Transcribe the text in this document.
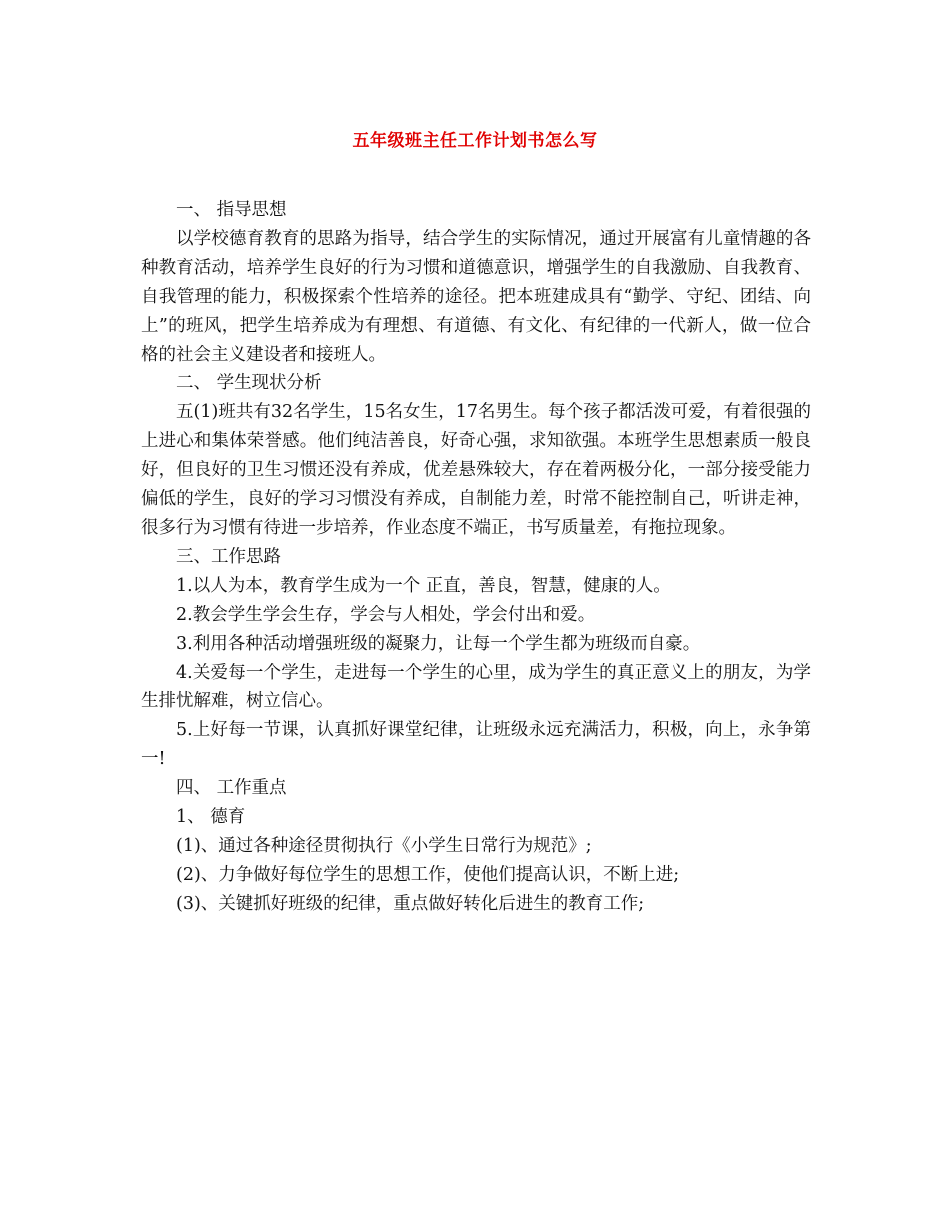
五年级班主任工作计划书怎么写

一、 指导思想

以学校德育教育的思路为指导，结合学生的实际情况，通过开展富有儿童情趣的各种教育活动，培养学生良好的行为习惯和道德意识，增强学生的自我激励、自我教育、自我管理的能力，积极探索个性培养的途径。把本班建成具有“勤学、守纪、团结、向上”的班风，把学生培养成为有理想、有道德、有文化、有纪律的一代新人，做一位合格的社会主义建设者和接班人。

二、 学生现状分析

五(1)班共有32名学生，15名女生，17名男生。每个孩子都活泼可爱，有着很强的上进心和集体荣誉感。他们纯洁善良，好奇心强，求知欲强。本班学生思想素质一般良好，但良好的卫生习惯还没有养成，优差悬殊较大，存在着两极分化，一部分接受能力偏低的学生，良好的学习习惯没有养成，自制能力差，时常不能控制自己，听讲走神，很多行为习惯有待进一步培养，作业态度不端正，书写质量差，有拖拉现象。

三、工作思路

1.以人为本，教育学生成为一个 正直，善良，智慧，健康的人。

2.教会学生学会生存，学会与人相处，学会付出和爱。

3.利用各种活动增强班级的凝聚力，让每一个学生都为班级而自豪。

4.关爱每一个学生，走进每一个学生的心里，成为学生的真正意义上的朋友，为学生排忧解难，树立信心。

5.上好每一节课，认真抓好课堂纪律，让班级永远充满活力，积极，向上，永争第一!

四、 工作重点

1、 德育

(1)、通过各种途径贯彻执行《小学生日常行为规范》;

(2)、力争做好每位学生的思想工作，使他们提高认识，不断上进;

(3)、关键抓好班级的纪律，重点做好转化后进生的教育工作;
